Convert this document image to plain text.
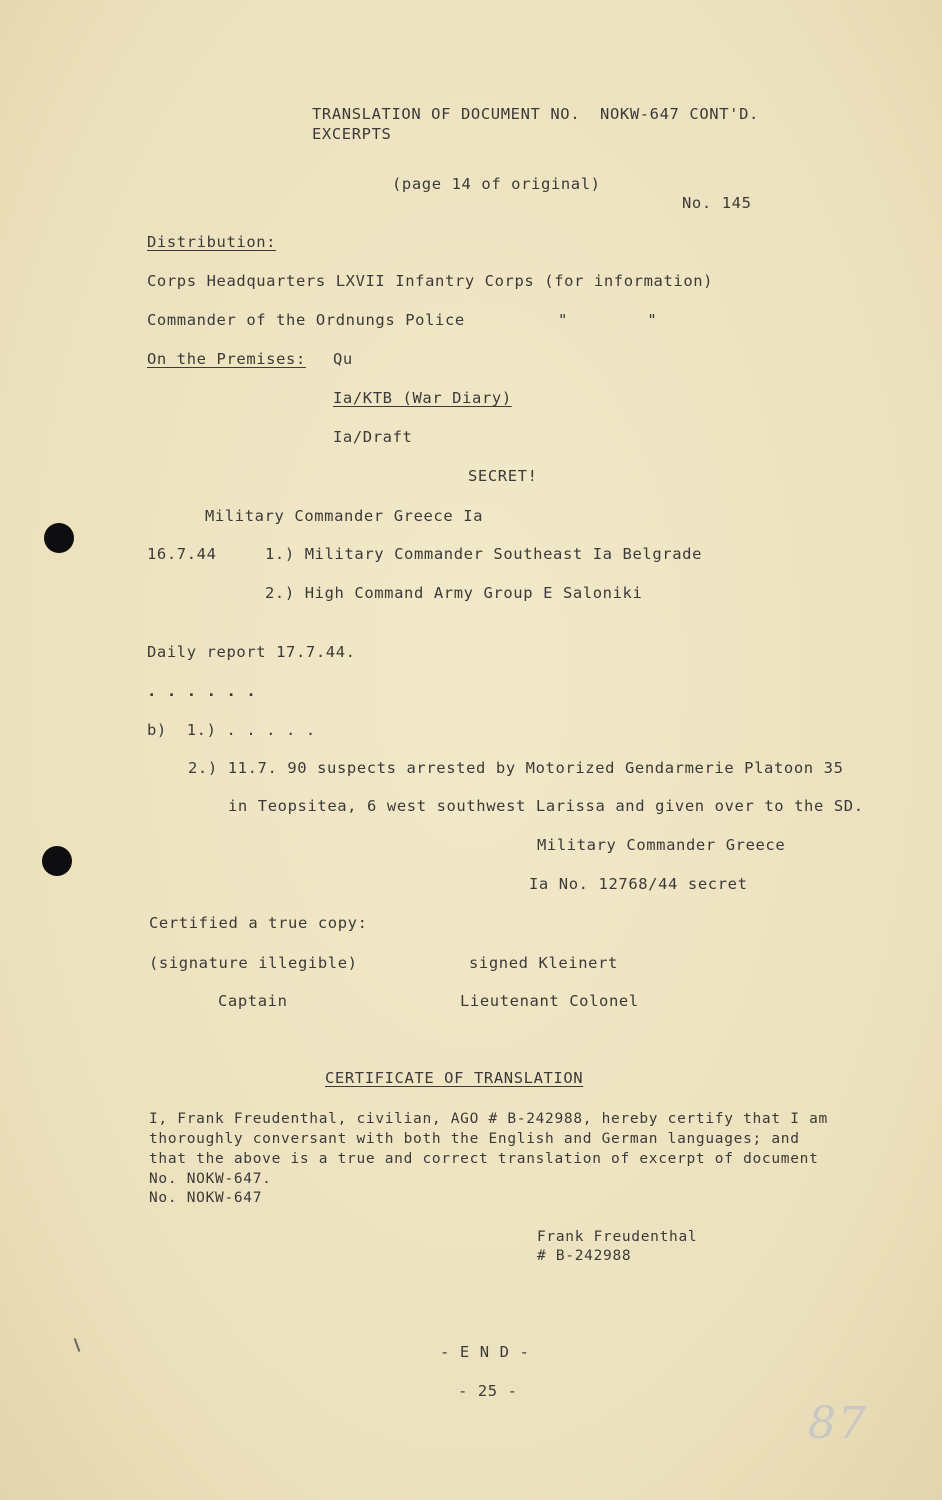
TRANSLATION OF DOCUMENT NO.  NOKW-647 CONT'D.
EXCERPTS
(page 14 of original)
No. 145
Distribution:
Corps Headquarters LXVII Infantry Corps (for information)
Commander of the Ordnungs Police	"        "
On the Premises: Qu
Ia/KTB (War Diary)
Ia/Draft
SECRET!
Military Commander Greece Ia
16.7.44	1.) Military Commander Southeast Ia Belgrade
2.) High Command Army Group E Saloniki
Daily report 17.7.44.
. . . . . .
b)  1.) . . . . .
2.) 11.7. 90 suspects arrested by Motorized Gendarmerie Platoon 35
in Teopsitea, 6 west southwest Larissa and given over to the SD.
Military Commander Greece
Ia No. 12768/44 secret
Certified a true copy:
(signature illegible)	signed Kleinert
Captain	Lieutenant Colonel
CERTIFICATE OF TRANSLATION
I, Frank Freudenthal, civilian, AGO # B-242988, hereby certify that I am
thoroughly conversant with both the English and German languages; and
that the above is a true and correct translation of excerpt of document
No. NOKW-647.
No. NOKW-647
Frank Freudenthal
# B-242988
- E N D -
- 25 -
87
